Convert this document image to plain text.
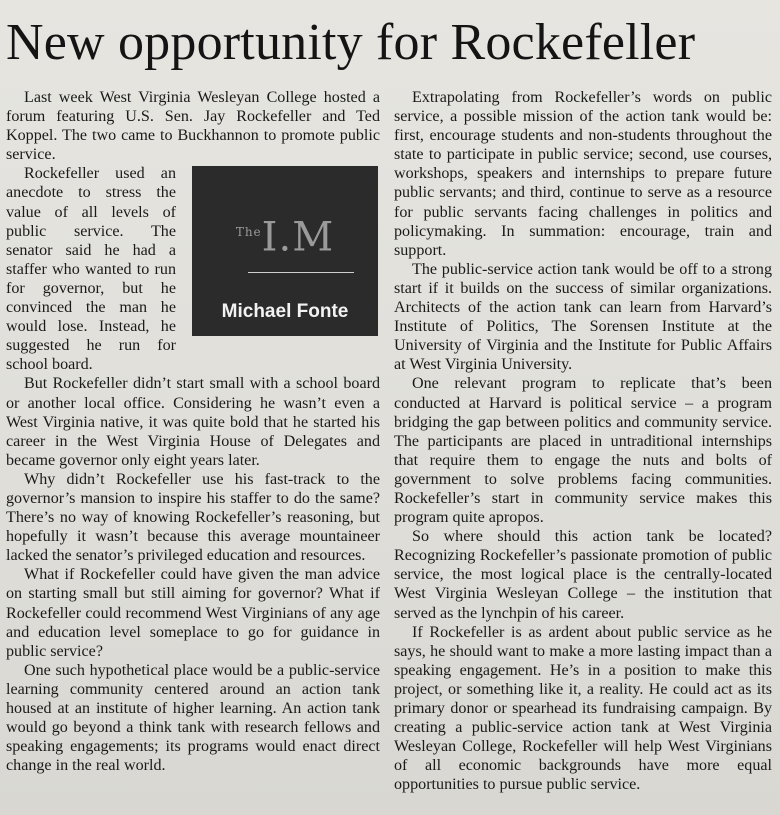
New opportunity for Rockefeller

Last week West Virginia Wesleyan College hosted a forum featuring U.S. Sen. Jay Rockefeller and Ted Koppel. The two came to Buckhannon to promote public service.

$^{The}$I.M
Michael Fonte

Rockefeller used an anecdote to stress the value of all levels of public service. The senator said he had a staffer who wanted to run for governor, but he convinced the man he would lose. Instead, he suggested he run for school board.

But Rockefeller didn’t start small with a school board or another local office. Considering he wasn’t even a West Virginia native, it was quite bold that he started his career in the West Virginia House of Delegates and became governor only eight years later.

Why didn’t Rockefeller use his fast-track to the governor’s mansion to inspire his staffer to do the same? There’s no way of knowing Rockefeller’s reasoning, but hopefully it wasn’t because this average mountaineer lacked the senator’s privileged education and resources.

What if Rockefeller could have given the man advice on starting small but still aiming for governor? What if Rockefeller could recommend West Virginians of any age and education level someplace to go for guidance in public service?

One such hypothetical place would be a public-service learning community centered around an action tank housed at an institute of higher learning. An action tank would go beyond a think tank with research fellows and speaking engagements; its programs would enact direct change in the real world.

Extrapolating from Rockefeller’s words on public service, a possible mission of the action tank would be: first, encourage students and non-students throughout the state to participate in public service; second, use courses, workshops, speakers and internships to prepare future public servants; and third, continue to serve as a resource for public servants facing challenges in politics and policymaking. In summation: encourage, train and support.

The public-service action tank would be off to a strong start if it builds on the success of similar organizations. Architects of the action tank can learn from Harvard’s Institute of Politics, The Sorensen Institute at the University of Virginia and the Institute for Public Affairs at West Virginia University.

One relevant program to replicate that’s been conducted at Harvard is political service – a program bridging the gap between politics and community service. The participants are placed in untraditional internships that require them to engage the nuts and bolts of government to solve problems facing communities. Rockefeller’s start in community service makes this program quite apropos.

So where should this action tank be located? Recognizing Rockefeller’s passionate promotion of public service, the most logical place is the centrally-located West Virginia Wesleyan College – the institution that served as the lynchpin of his career.

If Rockefeller is as ardent about public service as he says, he should want to make a more lasting impact than a speaking engagement. He’s in a position to make this project, or something like it, a reality. He could act as its primary donor or spearhead its fundraising campaign. By creating a public-service action tank at West Virginia Wesleyan College, Rockefeller will help West Virginians of all economic backgrounds have more equal opportunities to pursue public service.
